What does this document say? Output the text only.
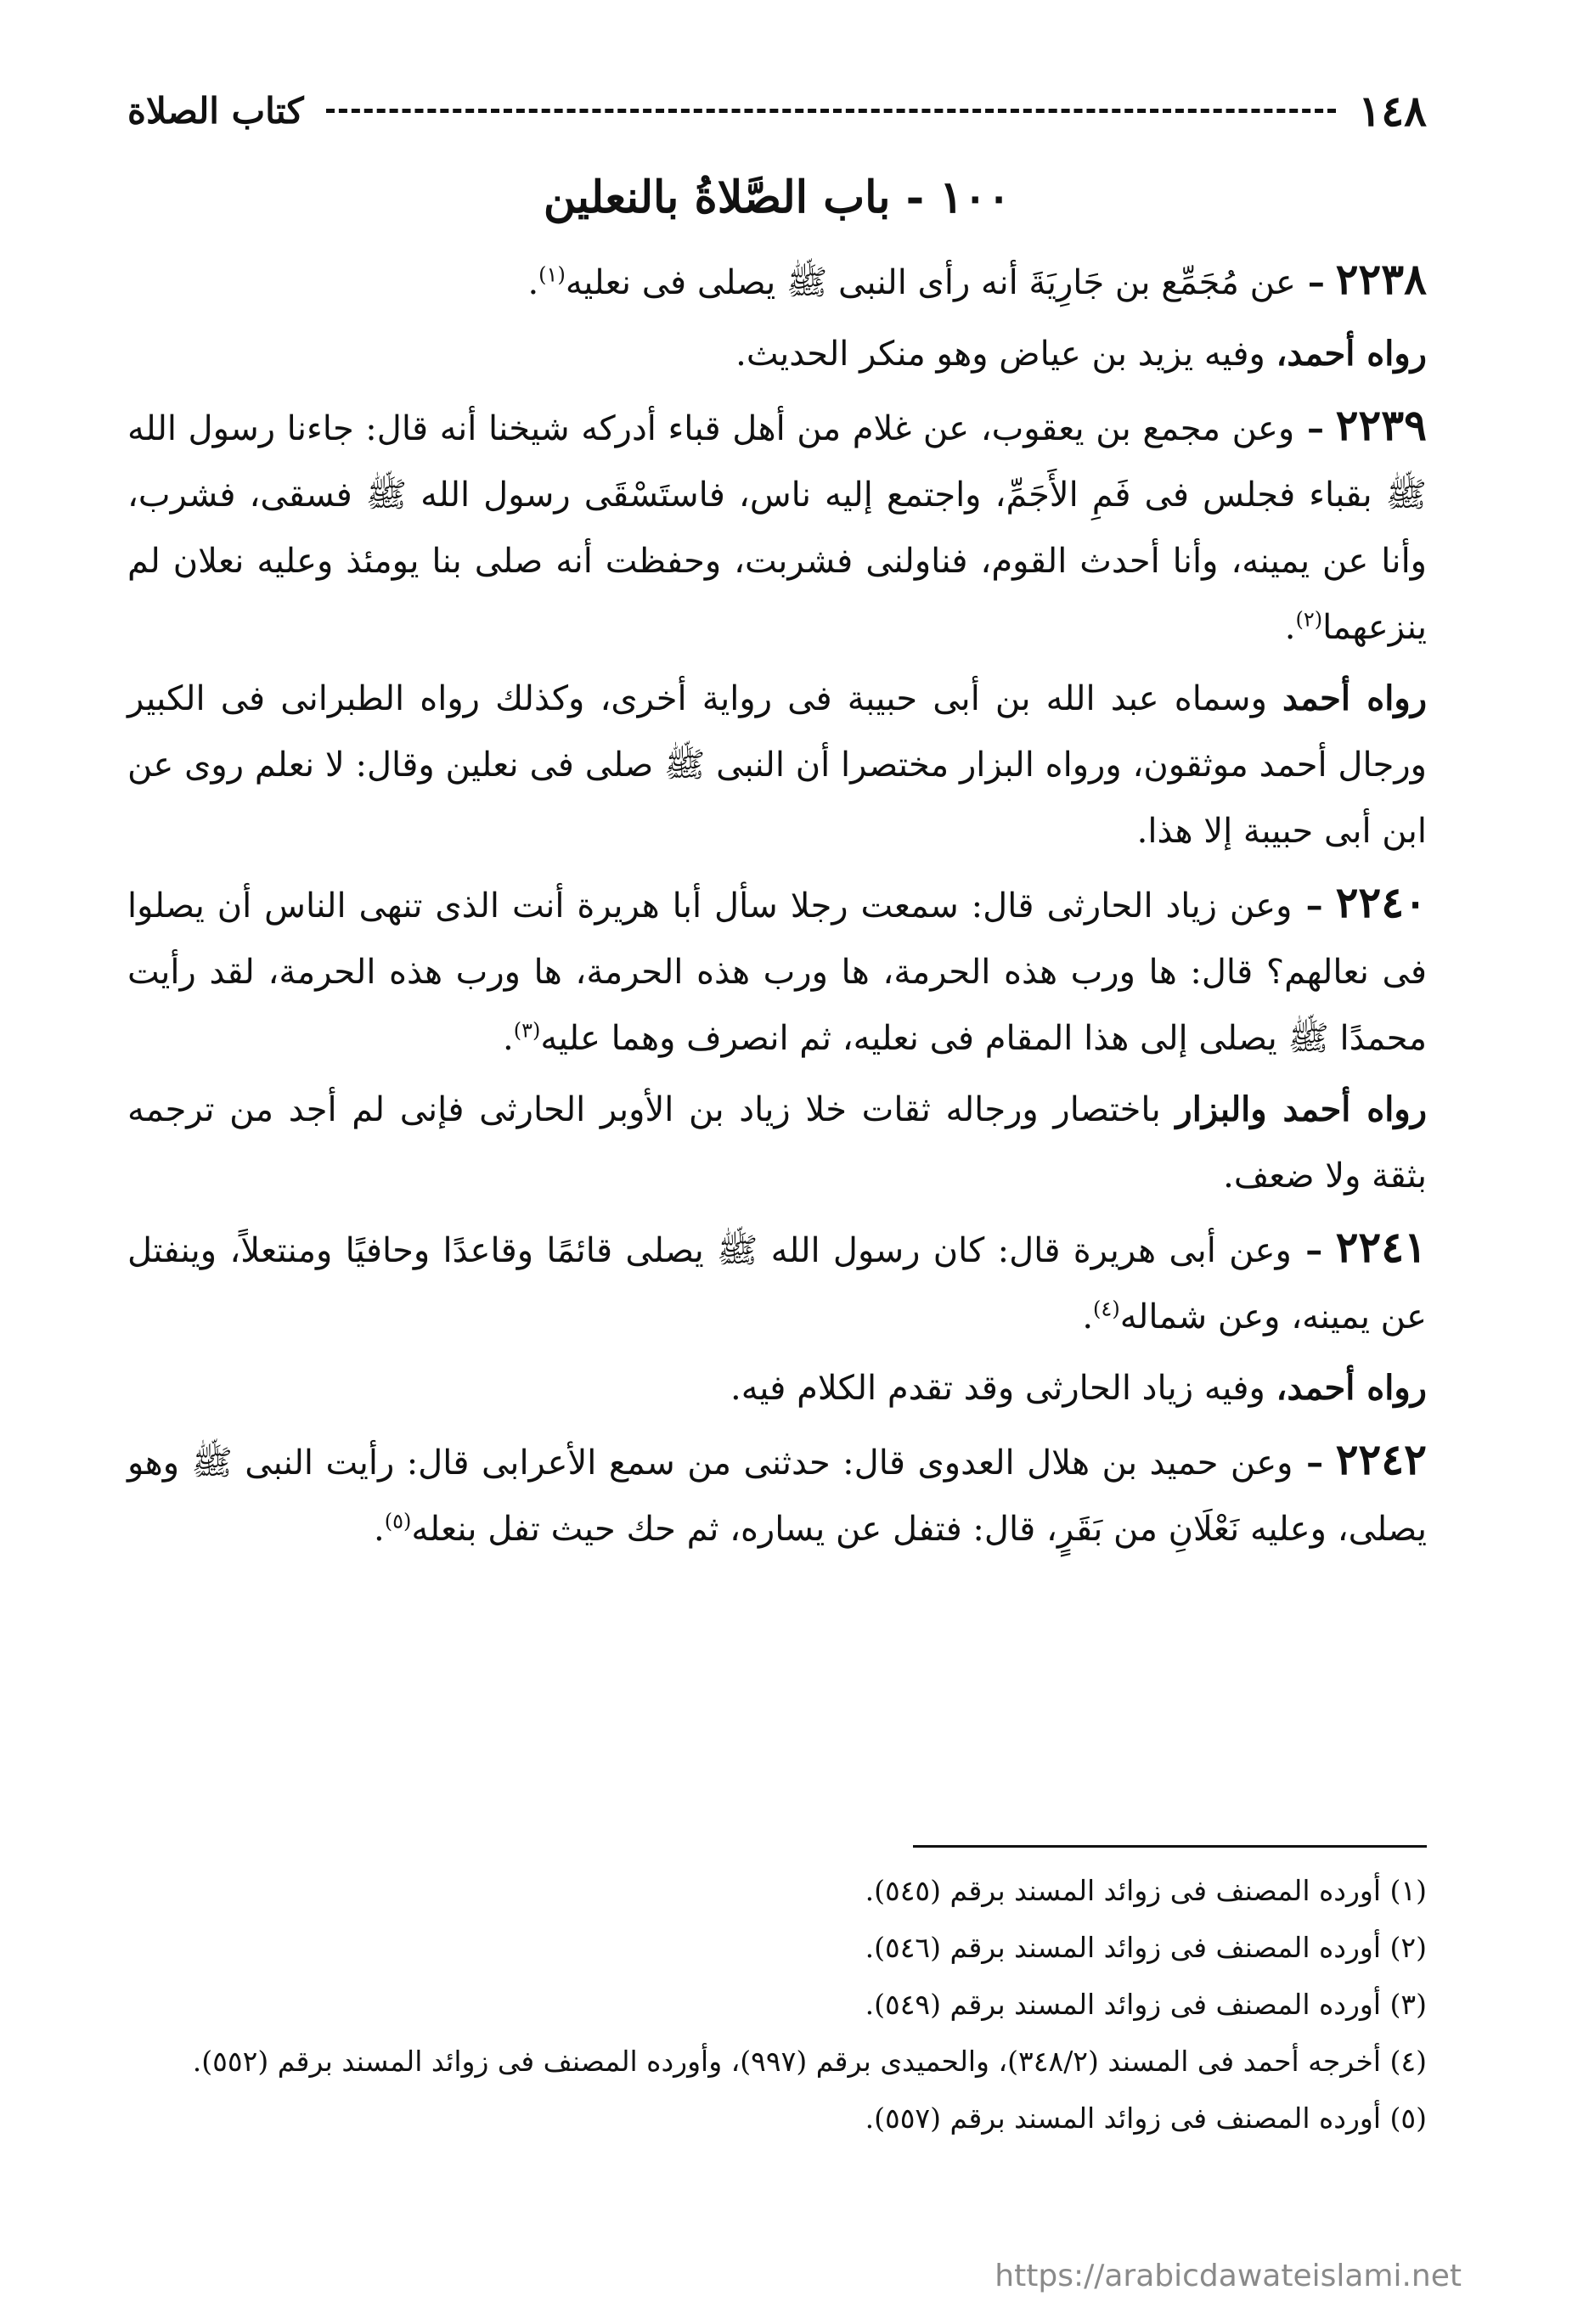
١٤٨
كتاب الصلاة
١٠٠ - باب الصَّلاةُ بالنعلين

٢٢٣٨ – عن مُجَمِّع بن جَارِيَةَ أنه رأى النبى ﷺ يصلى فى نعليه$^{(١)}$.

رواه أحمد، وفيه يزيد بن عياض وهو منكر الحديث.

٢٢٣٩ – وعن مجمع بن يعقوب، عن غلام من أهل قباء أدركه شيخنا أنه قال: جاءنا رسول الله ﷺ بقباء فجلس فى فَمِ الأَجَمِّ، واجتمع إليه ناس، فاستَسْقَى رسول الله ﷺ فسقى، فشرب، وأنا عن يمينه، وأنا أحدث القوم، فناولنى فشربت، وحفظت أنه صلى بنا يومئذ وعليه نعلان لم ينزعهما$^{(٢)}$.

رواه أحمد وسماه عبد الله بن أبى حبيبة فى رواية أخرى، وكذلك رواه الطبرانى فى الكبير ورجال أحمد موثقون، ورواه البزار مختصرا أن النبى ﷺ صلى فى نعلين وقال: لا نعلم روى عن ابن أبى حبيبة إلا هذا.

٢٢٤٠ – وعن زياد الحارثى قال: سمعت رجلا سأل أبا هريرة أنت الذى تنهى الناس أن يصلوا فى نعالهم؟ قال: ها ورب هذه الحرمة، ها ورب هذه الحرمة، ها ورب هذه الحرمة، لقد رأيت محمدًا ﷺ يصلى إلى هذا المقام فى نعليه، ثم انصرف وهما عليه$^{(٣)}$.

رواه أحمد والبزار باختصار ورجاله ثقات خلا زياد بن الأوبر الحارثى فإنى لم أجد من ترجمه بثقة ولا ضعف.

٢٢٤١ – وعن أبى هريرة قال: كان رسول الله ﷺ يصلى قائمًا وقاعدًا وحافيًا ومنتعلاً، وينفتل عن يمينه، وعن شماله$^{(٤)}$.

رواه أحمد، وفيه زياد الحارثى وقد تقدم الكلام فيه.

٢٢٤٢ – وعن حميد بن هلال العدوى قال: حدثنى من سمع الأعرابى قال: رأيت النبى ﷺ وهو يصلى، وعليه نَعْلَانِ من بَقَرٍ، قال: فتفل عن يساره، ثم حك حيث تفل بنعله$^{(٥)}$.

(١) أورده المصنف فى زوائد المسند برقم (٥٤٥).
(٢) أورده المصنف فى زوائد المسند برقم (٥٤٦).
(٣) أورده المصنف فى زوائد المسند برقم (٥٤٩).
(٤) أخرجه أحمد فى المسند (٣٤٨/٢)، والحميدى برقم (٩٩٧)، وأورده المصنف فى زوائد المسند برقم (٥٥٢).
(٥) أورده المصنف فى زوائد المسند برقم (٥٥٧).
https://arabicdawateislami.net
